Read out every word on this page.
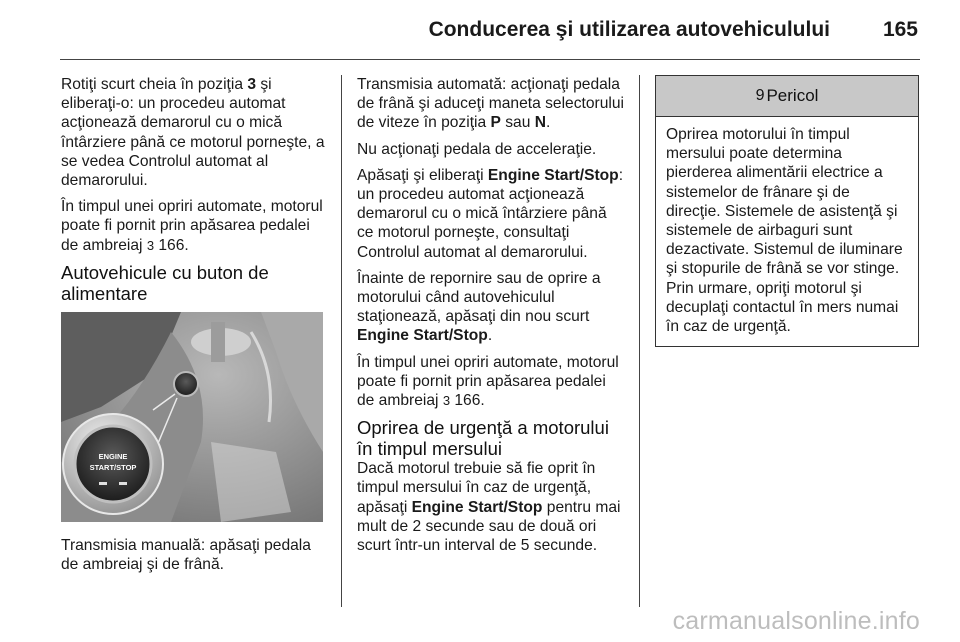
Conducerea şi utilizarea autovehiculului	165

Rotiţi scurt cheia în poziţia 3 şi eliberaţi-o: un procedeu automat acţionează demarorul cu o mică întârziere până ce motorul porneşte, a se vedea Controlul automat al demarorului.

În timpul unei opriri automate, motorul poate fi pornit prin apăsarea pedalei de ambreiaj 3 166.

Autovehicule cu buton de alimentare
ENGINE
START/STOP

Transmisia manuală: apăsaţi pedala de ambreiaj şi de frână.

Transmisia automată: acţionaţi pedala de frână şi aduceţi maneta selectorului de viteze în poziţia P sau N.

Nu acţionaţi pedala de acceleraţie.

Apăsaţi şi eliberaţi Engine Start/Stop: un procedeu automat acţionează demarorul cu o mică întârziere până ce motorul porneşte, consultaţi Controlul automat al demarorului.

Înainte de repornire sau de oprire a motorului când autovehiculul staţionează, apăsaţi din nou scurt Engine Start/Stop.

În timpul unei opriri automate, motorul poate fi pornit prin apăsarea pedalei de ambreiaj 3 166.

Oprirea de urgenţă a motorului în timpul mersului

Dacă motorul trebuie să fie oprit în timpul mersului în caz de urgenţă, apăsaţi Engine Start/Stop pentru mai mult de 2 secunde sau de două ori scurt într-un interval de 5 secunde.

9 Pericol
Oprirea motorului în timpul mersului poate determina pierderea alimentării electrice a sistemelor de frânare şi de direcţie. Sistemele de asistenţă şi sistemele de airbaguri sunt dezactivate. Sistemul de iluminare şi stopurile de frână se vor stinge. Prin urmare, opriţi motorul şi decuplaţi contactul în mers numai în caz de urgenţă.
carmanualsonline.info
